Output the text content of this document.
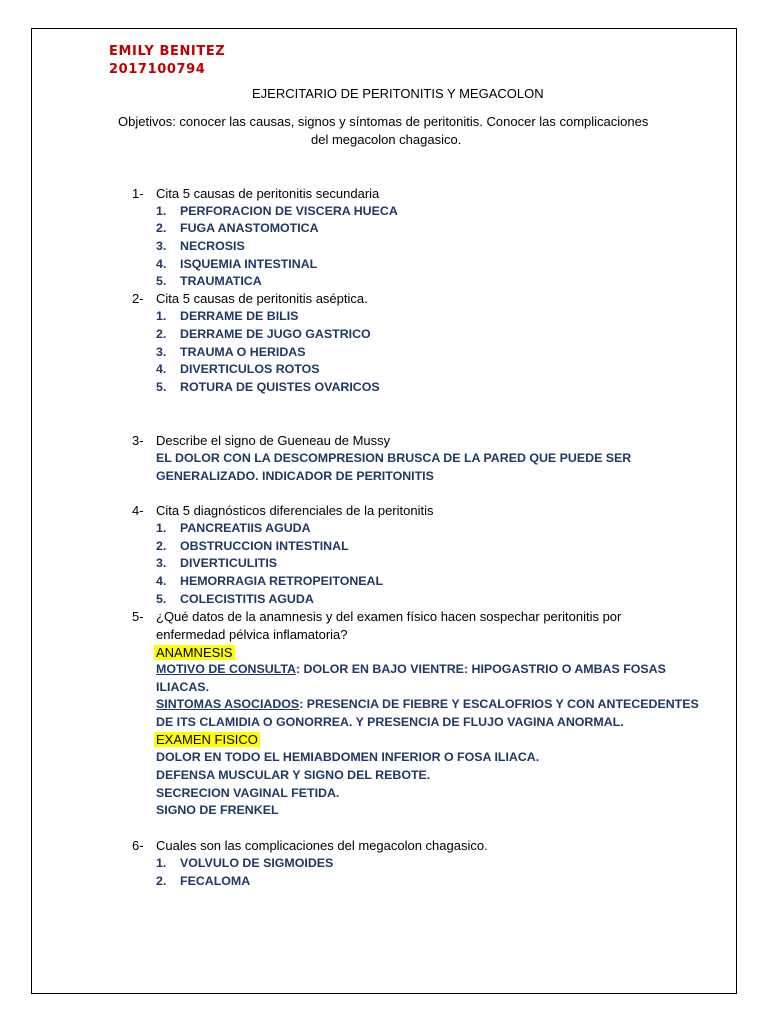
EMILY BENITEZ
2017100794
EJERCITARIO DE PERITONITIS Y MEGACOLON
Objetivos: conocer las causas, signos y síntomas de peritonitis. Conocer las complicaciones
del megacolon chagasico.
1- Cita 5 causas de peritonitis secundaria
1. PERFORACION DE VISCERA HUECA
2. FUGA ANASTOMOTICA
3. NECROSIS
4. ISQUEMIA INTESTINAL
5. TRAUMATICA
2- Cita 5 causas de peritonitis aséptica.
1. DERRAME DE BILIS
2. DERRAME DE JUGO GASTRICO
3. TRAUMA O HERIDAS
4. DIVERTICULOS ROTOS
5. ROTURA DE QUISTES OVARICOS
3- Describe el signo de Gueneau de Mussy
EL DOLOR CON LA DESCOMPRESION BRUSCA DE LA PARED QUE PUEDE SER
GENERALIZADO. INDICADOR DE PERITONITIS
4- Cita 5 diagnósticos diferenciales de la peritonitis
1. PANCREATIIS AGUDA
2. OBSTRUCCION INTESTINAL
3. DIVERTICULITIS
4. HEMORRAGIA RETROPEITONEAL
5. COLECISTITIS AGUDA
5- ¿Qué datos de la anamnesis y del examen físico hacen sospechar peritonitis por
enfermedad pélvica inflamatoria?
ANAMNESIS
MOTIVO DE CONSULTA: DOLOR EN BAJO VIENTRE: HIPOGASTRIO O AMBAS FOSAS
ILIACAS.
SINTOMAS ASOCIADOS: PRESENCIA DE FIEBRE Y ESCALOFRIOS Y CON ANTECEDENTES
DE ITS CLAMIDIA O GONORREA. Y PRESENCIA DE FLUJO VAGINA ANORMAL.
EXAMEN FISICO
DOLOR EN TODO EL HEMIABDOMEN INFERIOR O FOSA ILIACA.
DEFENSA MUSCULAR Y SIGNO DEL REBOTE.
SECRECION VAGINAL FETIDA.
SIGNO DE FRENKEL
6- Cuales son las complicaciones del megacolon chagasico.
1. VOLVULO DE SIGMOIDES
2. FECALOMA
